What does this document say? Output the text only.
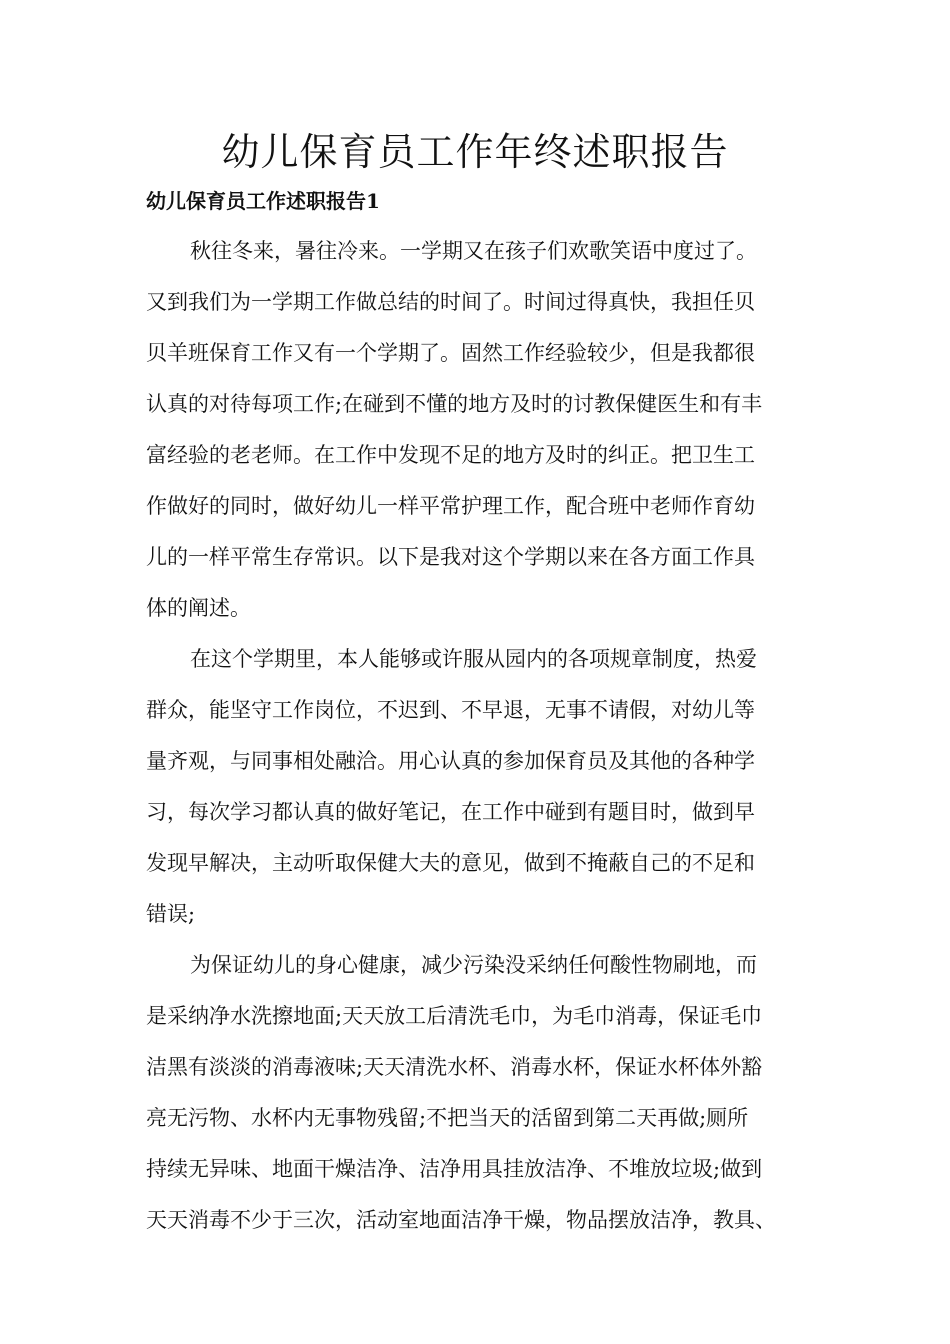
幼儿保育员工作年终述职报告
幼儿保育员工作述职报告1

秋往冬来，暑往冷来。一学期又在孩子们欢歌笑语中度过了。

又到我们为一学期工作做总结的时间了。时间过得真快，我担任贝

贝羊班保育工作又有一个学期了。固然工作经验较少，但是我都很

认真的对待每项工作;在碰到不懂的地方及时的讨教保健医生和有丰

富经验的老老师。在工作中发现不足的地方及时的纠正。把卫生工

作做好的同时，做好幼儿一样平常护理工作，配合班中老师作育幼

儿的一样平常生存常识。以下是我对这个学期以来在各方面工作具

体的阐述。

在这个学期里，本人能够或许服从园内的各项规章制度，热爱

群众，能坚守工作岗位，不迟到、不早退，无事不请假，对幼儿等

量齐观，与同事相处融洽。用心认真的参加保育员及其他的各种学

习，每次学习都认真的做好笔记，在工作中碰到有题目时，做到早

发现早解决，主动听取保健大夫的意见，做到不掩蔽自己的不足和

错误;

为保证幼儿的身心健康，减少污染没采纳任何酸性物刷地，而

是采纳净水洗擦地面;天天放工后清洗毛巾，为毛巾消毒，保证毛巾

洁黑有淡淡的消毒液味;天天清洗水杯、消毒水杯，保证水杯体外豁

亮无污物、水杯内无事物残留;不把当天的活留到第二天再做;厕所

持续无异味、地面干燥洁净、洁净用具挂放洁净、不堆放垃圾;做到

天天消毒不少于三次，活动室地面洁净干燥，物品摆放洁净，教具、
